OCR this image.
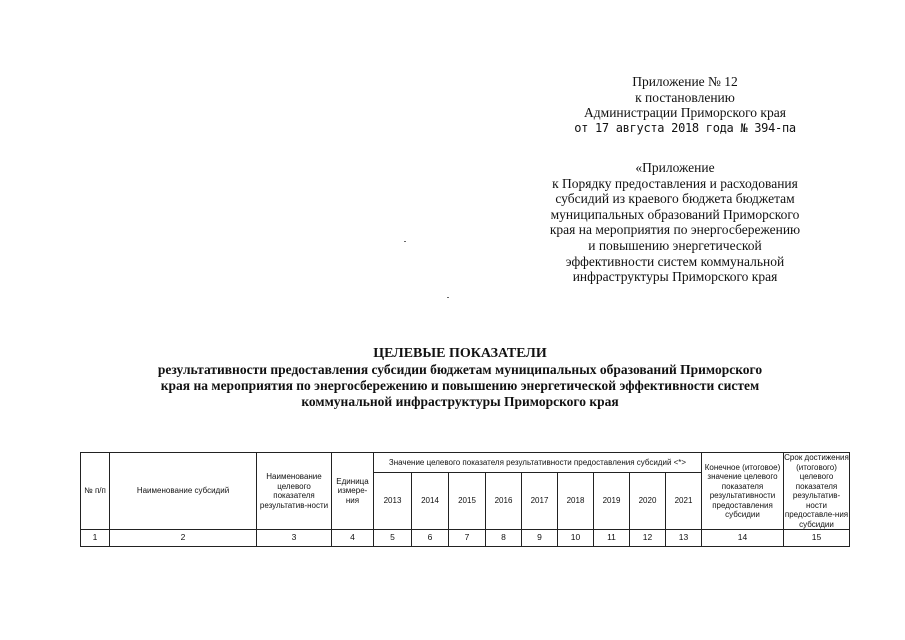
Приложение № 12
к постановлению
Администрации Приморского края
от 17 августа 2018 года № 394-па
«Приложение
к Порядку предоставления и расходования
субсидий из краевого бюджета бюджетам
муниципальных образований Приморского
края на мероприятия по энергосбережению
и повышению энергетической
эффективности систем коммунальной
инфраструктуры Приморского края
ЦЕЛЕВЫЕ ПОКАЗАТЕЛИ
результативности предоставления субсидии бюджетам муниципальных образований Приморского
края на мероприятия по энергосбережению и повышению энергетической эффективности систем
коммунальной инфраструктуры Приморского края
№ п/п	Наименование субсидий	Наименование целевого показателя результатив-ности	Единица измере-ния	Значение целевого показателя результативности предоставления субсидий <*>									Конечное (итоговое) значение целевого показателя результативности предоставления субсидии	Срок достижения (итогового) целевого показателя результатив-ности предоставле-ния субсидии
				2013	2014	2015	2016	2017	2018	2019	2020	2021		
1	2	3	4	5	6	7	8	9	10	11	12	13	14	15
